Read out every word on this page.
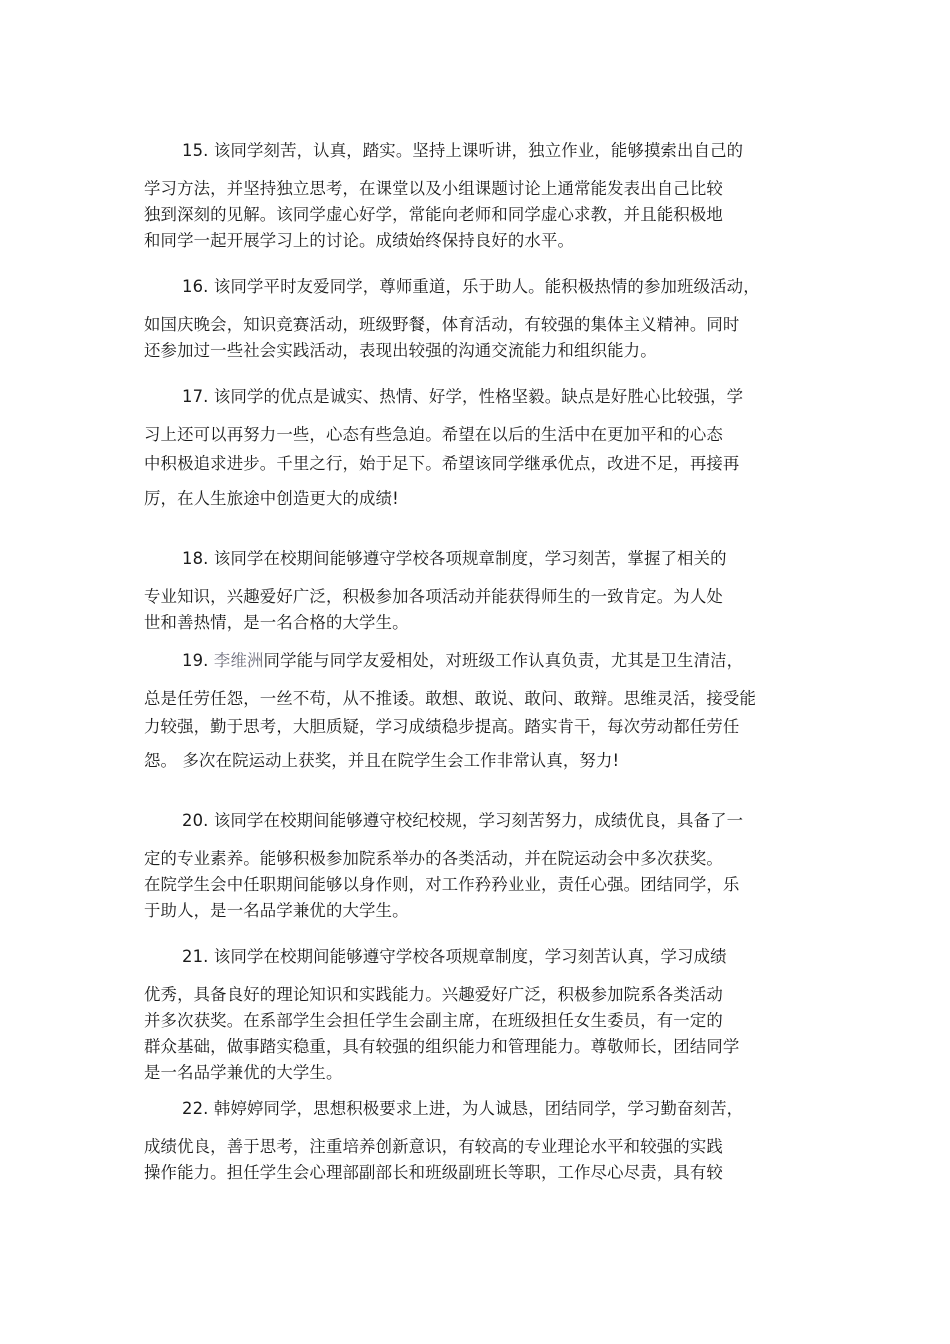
15. 该同学刻苦，认真，踏实。坚持上课听讲，独立作业，能够摸索出自己的
学习方法，并坚持独立思考，在课堂以及小组课题讨论上通常能发表出自己比较
独到深刻的见解。该同学虚心好学，常能向老师和同学虚心求教，并且能积极地
和同学一起开展学习上的讨论。成绩始终保持良好的水平。
16. 该同学平时友爱同学，尊师重道，乐于助人。能积极热情的参加班级活动，
如国庆晚会，知识竞赛活动，班级野餐，体育活动，有较强的集体主义精神。同时
还参加过一些社会实践活动，表现出较强的沟通交流能力和组织能力。
17. 该同学的优点是诚实、热情、好学，性格坚毅。缺点是好胜心比较强，学
习上还可以再努力一些，心态有些急迫。希望在以后的生活中在更加平和的心态
中积极追求进步。千里之行，始于足下。希望该同学继承优点，改进不足，再接再
厉，在人生旅途中创造更大的成绩!
18. 该同学在校期间能够遵守学校各项规章制度，学习刻苦，掌握了相关的
专业知识，兴趣爱好广泛，积极参加各项活动并能获得师生的一致肯定。为人处
世和善热情，是一名合格的大学生。
19. 李维洲同学能与同学友爱相处，对班级工作认真负责，尤其是卫生清洁，
总是任劳任怨，一丝不苟，从不推诿。敢想、敢说、敢问、敢辩。思维灵活，接受能
力较强，勤于思考，大胆质疑，学习成绩稳步提高。踏实肯干，每次劳动都任劳任
怨。 多次在院运动上获奖，并且在院学生会工作非常认真，努力!
20. 该同学在校期间能够遵守校纪校规，学习刻苦努力，成绩优良，具备了一
定的专业素养。能够积极参加院系举办的各类活动，并在院运动会中多次获奖。
在院学生会中任职期间能够以身作则，对工作矜矜业业，责任心强。团结同学，乐
于助人，是一名品学兼优的大学生。
21. 该同学在校期间能够遵守学校各项规章制度，学习刻苦认真，学习成绩
优秀，具备良好的理论知识和实践能力。兴趣爱好广泛，积极参加院系各类活动
并多次获奖。在系部学生会担任学生会副主席，在班级担任女生委员，有一定的
群众基础，做事踏实稳重，具有较强的组织能力和管理能力。尊敬师长，团结同学
是一名品学兼优的大学生。
22. 韩婷婷同学，思想积极要求上进，为人诚恳，团结同学，学习勤奋刻苦，
成绩优良，善于思考，注重培养创新意识，有较高的专业理论水平和较强的实践
操作能力。担任学生会心理部副部长和班级副班长等职，工作尽心尽责，具有较
